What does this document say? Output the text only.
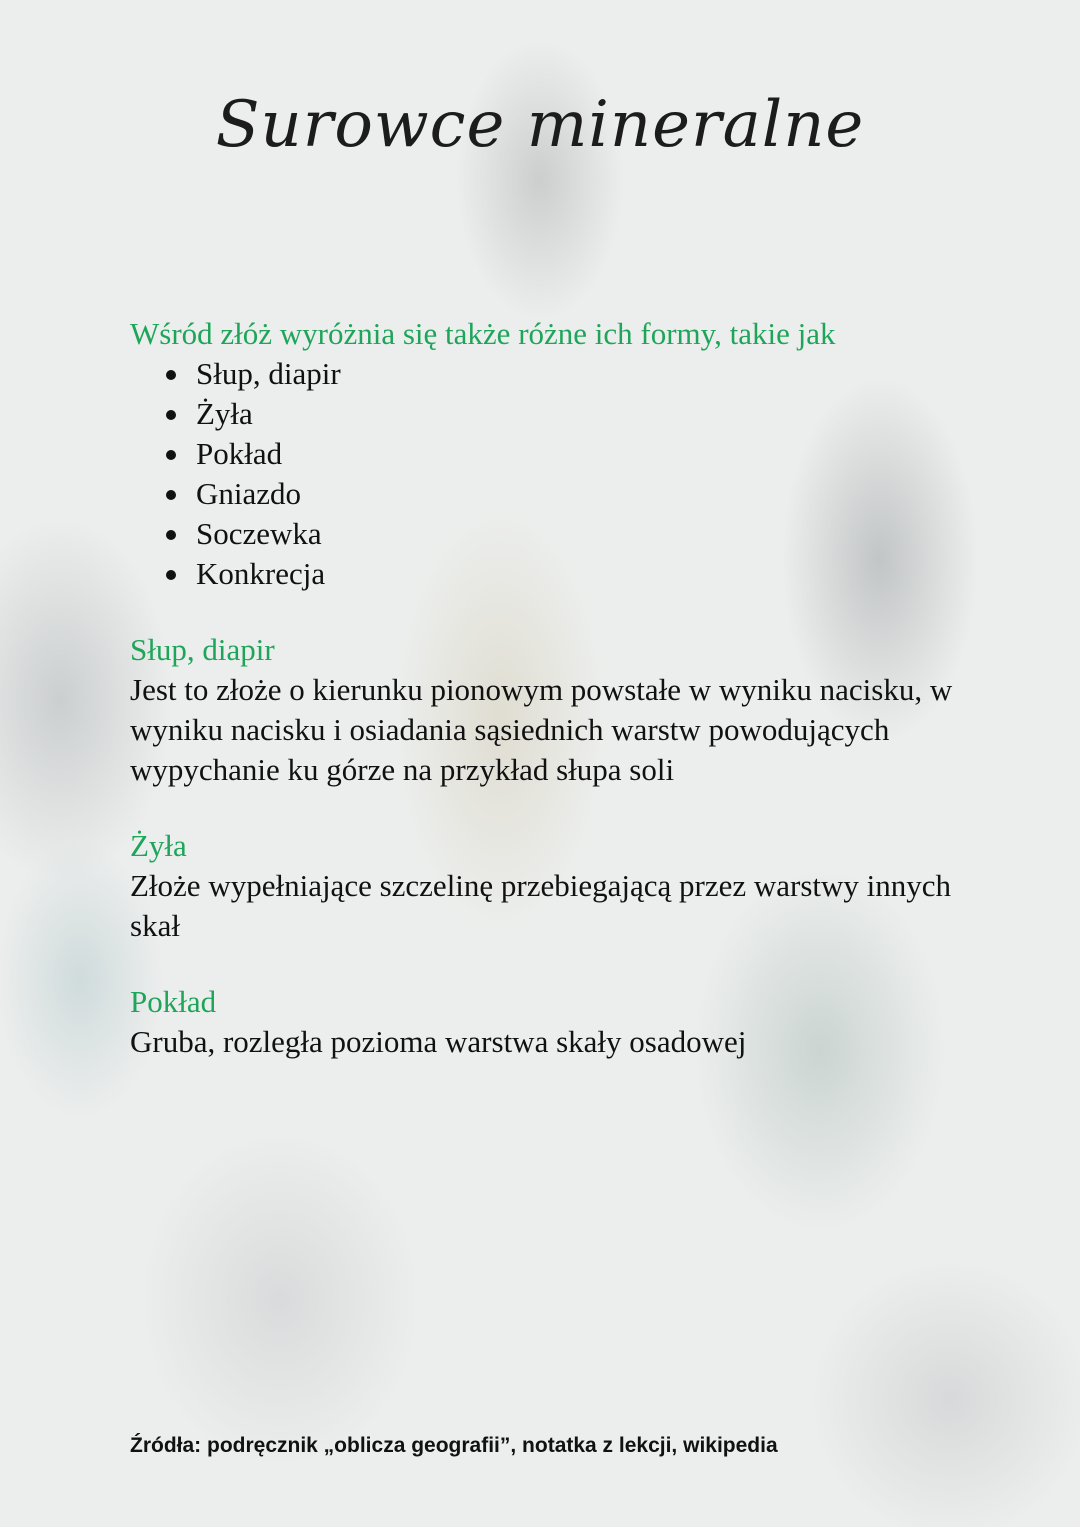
Surowce mineralne
Wśród złóż wyróżnia się także różne ich formy, takie jak
Słup, diapir
Żyła
Pokład
Gniazdo
Soczewka
Konkrecja
Słup, diapir
Jest to złoże o kierunku pionowym powstałe w wyniku nacisku, w wyniku nacisku i osiadania sąsiednich warstw powodujących wypychanie ku górze na przykład słupa soli
Żyła
Złoże wypełniające szczelinę przebiegającą przez warstwy innych skał
Pokład
Gruba, rozległa pozioma warstwa skały osadowej
Źródła: podręcznik „oblicza geografii”, notatka z lekcji, wikipedia
